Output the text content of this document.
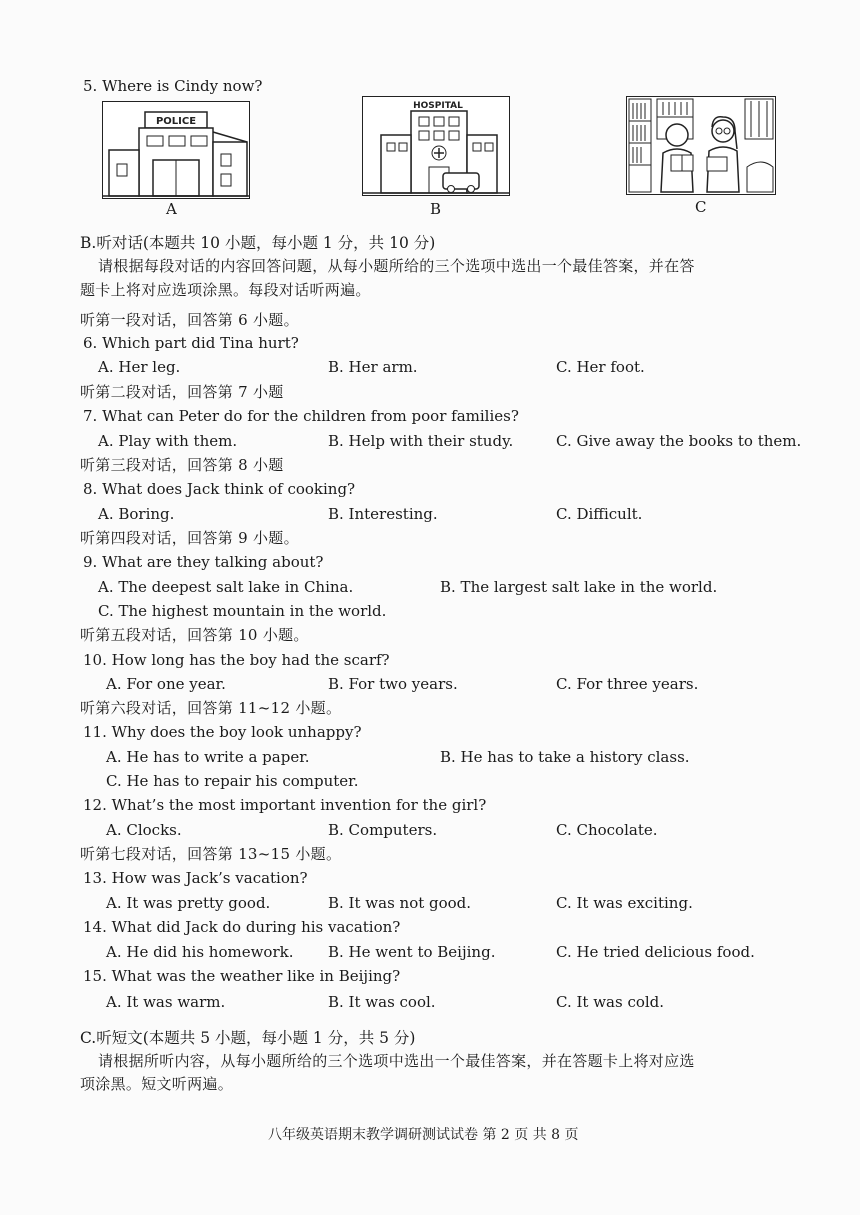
5. Where is Cindy now?
POLICE
A
HOSPITAL
B	C
B.听对话(本题共 10 小题，每小题 1 分，共 10 分)
请根据每段对话的内容回答问题，从每小题所给的三个选项中选出一个最佳答案，并在答
题卡上将对应选项涂黑。每段对话听两遍。
听第一段对话，回答第 6 小题。
6. Which part did Tina hurt?
A. Her leg.	B. Her arm.	C. Her foot.
听第二段对话，回答第 7 小题
7. What can Peter do for the children from poor families?
A. Play with them.	B. Help with their study.	C. Give away the books to them.
听第三段对话，回答第 8 小题
8. What does Jack think of cooking?
A. Boring.	B. Interesting.	C. Difficult.
听第四段对话，回答第 9 小题。
9. What are they talking about?
A. The deepest salt lake in China.	B. The largest salt lake in the world.
C. The highest mountain in the world.
听第五段对话，回答第 10 小题。
10. How long has the boy had the scarf?
A. For one year.	B. For two years.	C. For three years.
听第六段对话，回答第 11~12 小题。
11. Why does the boy look unhappy?
A. He has to write a paper.	B. He has to take a history class.
C. He has to repair his computer.
12. What’s the most important invention for the girl?
A. Clocks.	B. Computers.	C. Chocolate.
听第七段对话，回答第 13~15 小题。
13. How was Jack’s vacation?
A. It was pretty good.	B. It was not good.	C. It was exciting.
14. What did Jack do during his vacation?
A. He did his homework. B. He went to Beijing.	C. He tried delicious food.
15. What was the weather like in Beijing?
A. It was warm.	B. It was cool.	C. It was cold.
C.听短文(本题共 5 小题，每小题 1 分，共 5 分)
请根据所听内容，从每小题所给的三个选项中选出一个最佳答案，并在答题卡上将对应选
项涂黑。短文听两遍。
八年级英语期末教学调研测试试卷 第 2 页 共 8 页
